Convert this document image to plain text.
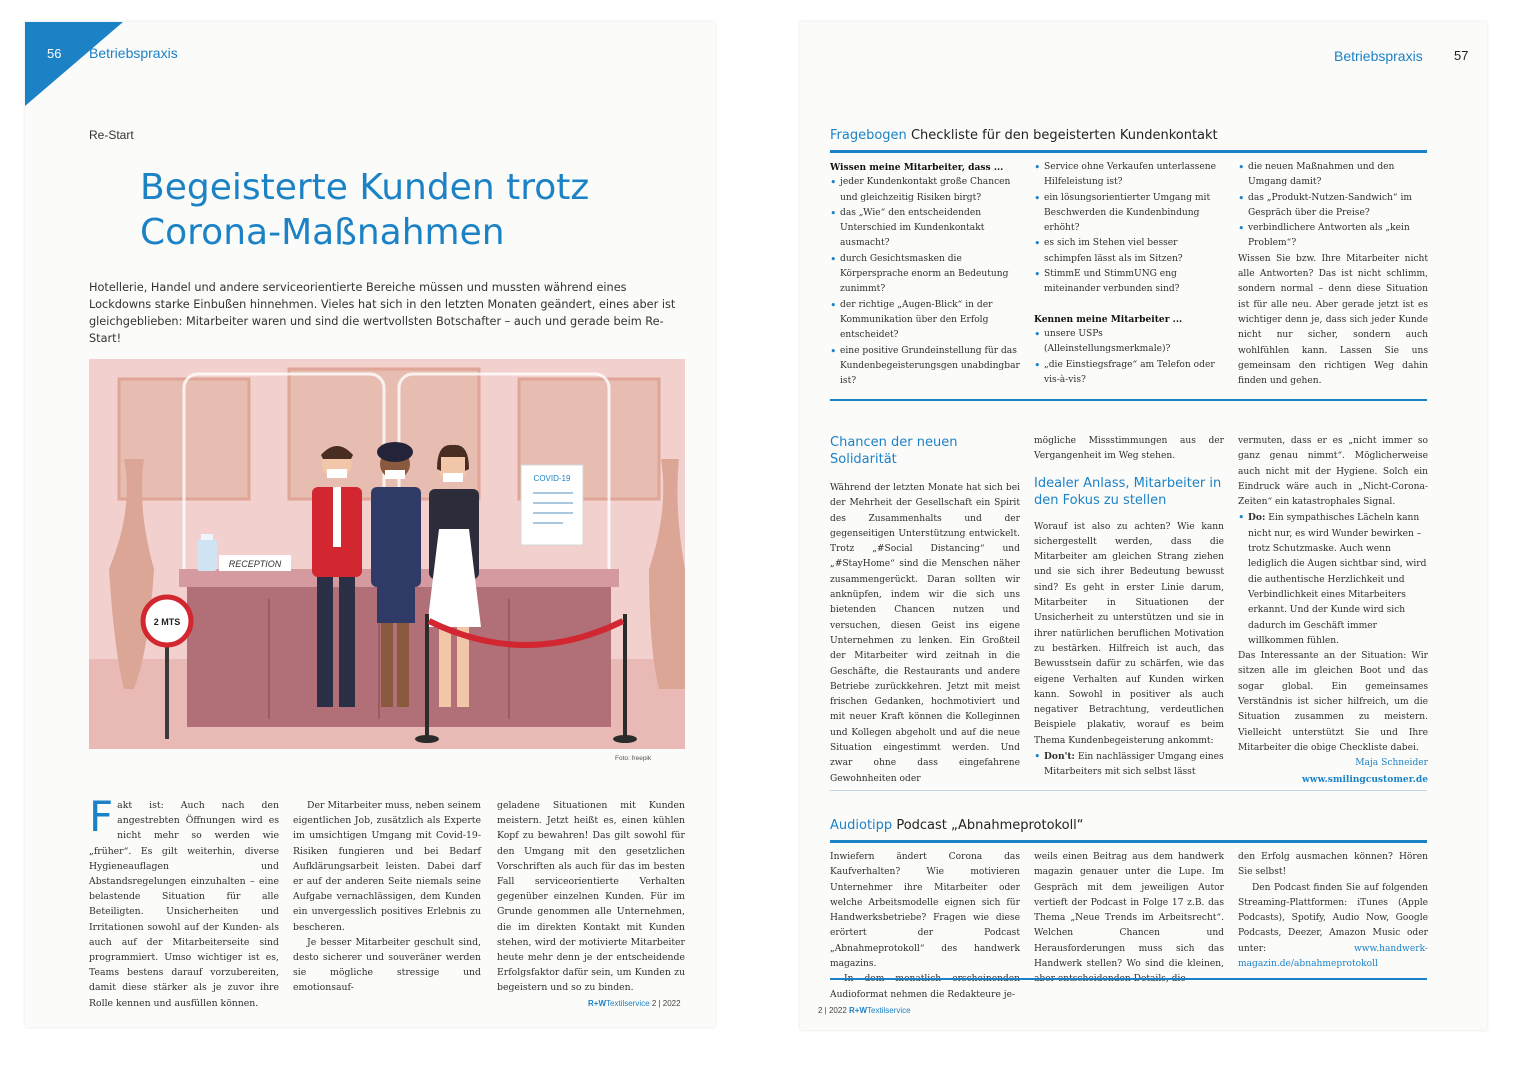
56 Betriebspraxis
Re-Start
Begeisterte Kunden trotz
Corona-Maßnahmen

Hotellerie, Handel und andere serviceorientierte Bereiche müssen und mussten während eines Lockdowns starke Einbußen hinnehmen. Vieles hat sich in den letzten Monaten geändert, eines aber ist gleichgeblieben: Mitarbeiter waren und sind die wertvollsten Botschafter – auch und gerade beim Re-Start!

RECEPTION
COVID-19
2 MTS
Foto: freepik
Fakt ist: Auch nach den angestrebten Öffnungen wird es nicht mehr so werden wie „früher“. Es gilt weiterhin, diverse Hygieneauflagen und Abstandsregelungen einzuhalten – eine belastende Situation für alle Beteiligten. Unsicherheiten und Irritationen sowohl auf der Kunden- als auch auf der Mitarbeiterseite sind programmiert. Umso wichtiger ist es, Teams bestens darauf vorzubereiten, damit diese stärker als je zuvor ihre Rolle kennen und ausfüllen können.

Der Mitarbeiter muss, neben seinem eigentlichen Job, zusätzlich als Experte im umsichtigen Umgang mit Covid-19-Risiken fungieren und bei Bedarf Aufklärungsarbeit leisten. Dabei darf er auf der anderen Seite niemals seine Aufgabe vernachlässigen, dem Kunden ein unvergesslich positives Erlebnis zu bescheren.

Je besser Mitarbeiter geschult sind, desto sicherer und souveräner werden sie mögliche stressige und emotionsauf-

geladene Situationen mit Kunden meistern. Jetzt heißt es, einen kühlen Kopf zu bewahren! Das gilt sowohl für den Umgang mit den gesetzlichen Vorschriften als auch für das im besten Fall serviceorientierte Verhalten gegenüber einzelnen Kunden. Für im Grunde genommen alle Unternehmen, die im direkten Kontakt mit Kunden stehen, wird der motivierte Mitarbeiter heute mehr denn je der entscheidende Erfolgsfaktor dafür sein, um Kunden zu begeistern und so zu binden.
R+WTextilservice 2 | 2022
Betriebspraxis 57
Fragebogen Checkliste für den begeisterten Kundenkontakt
Wissen meine Mitarbeiter, dass ...
• jeder Kundenkontakt große Chancen und gleichzeitig Risiken birgt?
• das „Wie“ den entscheidenden Unterschied im Kundenkontakt ausmacht?
• durch Gesichtsmasken die Körpersprache enorm an Bedeutung zunimmt?
• der richtige „Augen-Blick“ in der Kommunikation über den Erfolg entscheidet?
• eine positive Grundeinstellung für das Kundenbegeisterungsgen unabdingbar ist?
• Service ohne Verkaufen unterlassene Hilfeleistung ist?
• ein lösungsorientierter Umgang mit Beschwerden die Kundenbindung erhöht?
• es sich im Stehen viel besser schimpfen lässt als im Sitzen?
• StimmE und StimmUNG eng miteinander verbunden sind?
Kennen meine Mitarbeiter ...
• unsere USPs (Alleinstellungsmerkmale)?
• „die Einstiegsfrage“ am Telefon oder vis-à-vis?
• die neuen Maßnahmen und den Umgang damit?
• das „Produkt-Nutzen-Sandwich“ im Gespräch über die Preise?
• verbindlichere Antworten als „kein Problem“?

Wissen Sie bzw. Ihre Mitarbeiter nicht alle Antworten? Das ist nicht schlimm, sondern normal – denn diese Situation ist für alle neu. Aber gerade jetzt ist es wichtiger denn je, dass sich jeder Kunde nicht nur sicher, sondern auch wohlfühlen kann. Lassen Sie uns gemeinsam den richtigen Weg dahin finden und gehen.

Chancen der neuen Solidarität

Während der letzten Monate hat sich bei der Mehrheit der Gesellschaft ein Spirit des Zusammenhalts und der gegenseitigen Unterstützung entwickelt. Trotz „#Social Distancing“ und „#StayHome“ sind die Menschen näher zusammengerückt. Daran sollten wir anknüpfen, indem wir die sich uns bietenden Chancen nutzen und versuchen, diesen Geist ins eigene Unternehmen zu lenken. Ein Großteil der Mitarbeiter wird zeitnah in die Geschäfte, die Restaurants und andere Betriebe zurückkehren. Jetzt mit meist frischen Gedanken, hochmotiviert und mit neuer Kraft können die Kolleginnen und Kollegen abgeholt und auf die neue Situation eingestimmt werden. Und zwar ohne dass eingefahrene Gewohnheiten oder

mögliche Missstimmungen aus der Vergangenheit im Weg stehen.

Idealer Anlass, Mitarbeiter in den Fokus zu stellen

Worauf ist also zu achten? Wie kann sichergestellt werden, dass die Mitarbeiter am gleichen Strang ziehen und sie sich ihrer Bedeutung bewusst sind? Es geht in erster Linie darum, Mitarbeiter in Situationen der Unsicherheit zu unterstützen und sie in ihrer natürlichen beruflichen Motivation zu bestärken. Hilfreich ist auch, das Bewusstsein dafür zu schärfen, wie das eigene Verhalten auf Kunden wirken kann. Sowohl in positiver als auch negativer Betrachtung, verdeutlichen Beispiele plakativ, worauf es beim Thema Kundenbegeisterung ankommt:

• Don't: Ein nachlässiger Umgang eines Mitarbeiters mit sich selbst lässt

vermuten, dass er es „nicht immer so ganz genau nimmt“. Möglicherweise auch nicht mit der Hygiene. Solch ein Eindruck wäre auch in „Nicht-Corona-Zeiten“ ein katastrophales Signal.

• Do: Ein sympathisches Lächeln kann nicht nur, es wird Wunder bewirken – trotz Schutzmaske. Auch wenn lediglich die Augen sichtbar sind, wird die authentische Herzlichkeit und Verbindlichkeit eines Mitarbeiters erkannt. Und der Kunde wird sich dadurch im Geschäft immer willkommen fühlen.

Das Interessante an der Situation: Wir sitzen alle im gleichen Boot und das sogar global. Ein gemeinsames Verständnis ist sicher hilfreich, um die Situation zusammen zu meistern. Vielleicht unterstützt Sie und Ihre Mitarbeiter die obige Checkliste dabei.

Maja Schneider
www.smilingcustomer.de
Audiotipp Podcast „Abnahmeprotokoll“

Inwiefern ändert Corona das Kaufverhalten? Wie motivieren Unternehmer ihre Mitarbeiter oder welche Arbeitsmodelle eignen sich für Handwerksbetriebe? Fragen wie diese erörtert der Podcast „Abnahmeprotokoll“ des handwerk magazins.

Audioformat nehmen die Redakteure je-

weils einen Beitrag aus dem handwerk magazin genauer unter die Lupe. Im Gespräch mit dem jeweiligen Autor vertieft der Podcast in Folge 17 z.B. das Thema „Neue Trends im Arbeitsrecht“. Welchen Chancen und Herausforderungen muss sich das Handwerk stellen? Wo sind die kleinen,

den Erfolg ausmachen können? Hören Sie selbst!

Den Podcast finden Sie auf folgenden Streaming-Plattformen: iTunes (Apple Podcasts), Spotify, Audio Now, Google Podcasts, Deezer, Amazon Music oder unter:	www.handwerk-magazin.de/abnahmeprotokoll

2 | 2022 R+WTextilservice
